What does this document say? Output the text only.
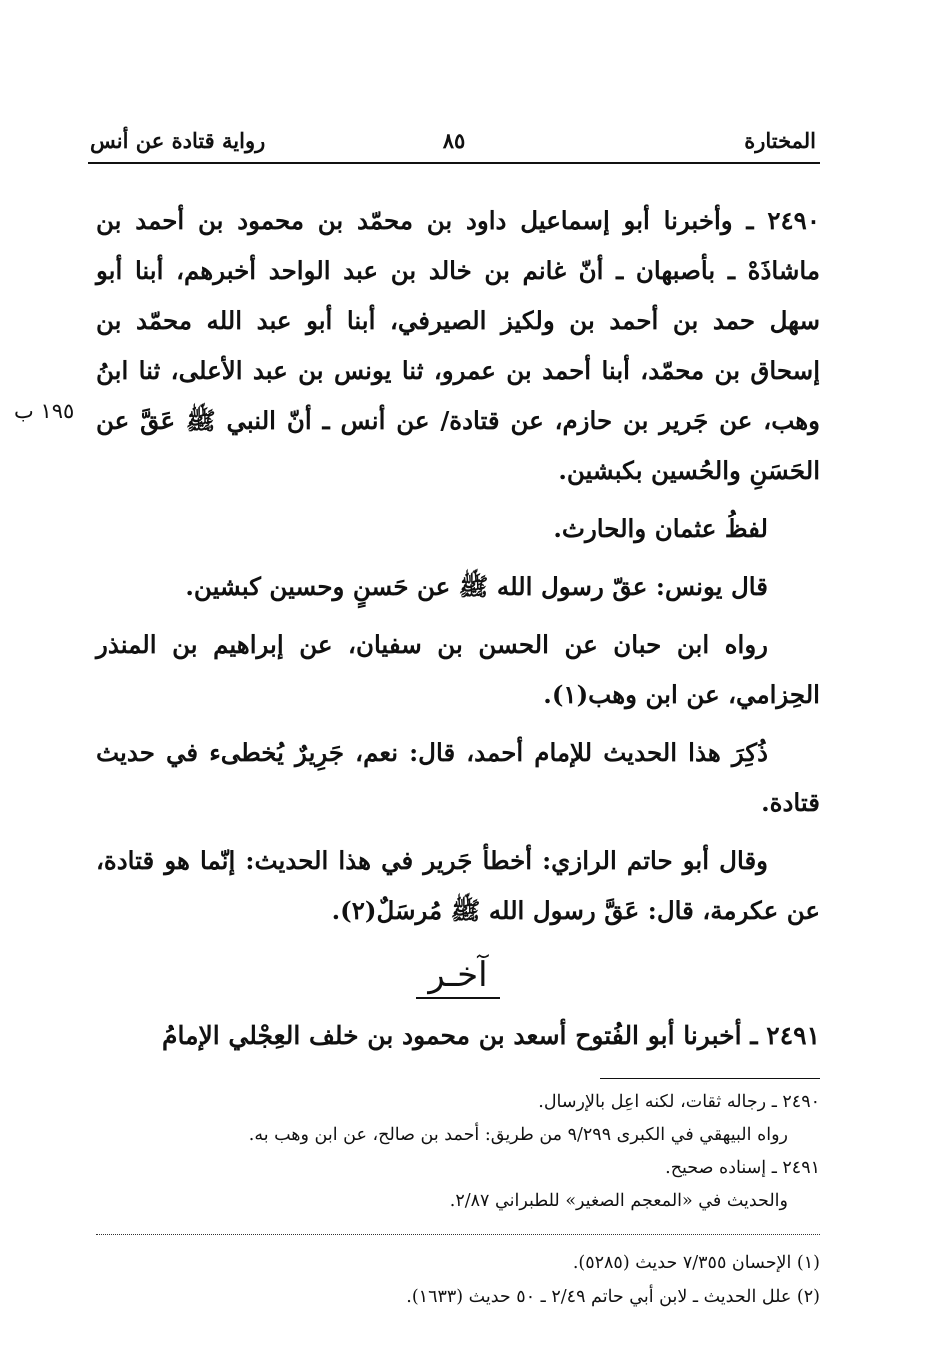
المختارة
٨٥
رواية قتادة عن أنس
١٩٥ ب

٢٤٩٠ ـ وأخبرنا أبو إسماعيل داود بن محمّد بن محمود بن أحمد بن ماشاذَهْ ـ بأصبهان ـ أنّ غانم بن خالد بن عبد الواحد أخبرهم، أبنا أبو سهل حمد بن أحمد بن ولكيز الصيرفي، أبنا أبو عبد الله محمّد بن إسحاق بن محمّد، أبنا أحمد بن عمرو، ثنا يونس بن عبد الأعلى، ثنا ابنُ وهب، عن جَرير بن حازم، عن قتادة/ عن أنس ـ أنّ النبي ﷺ عَقَّ عن الحَسَنِ والحُسين بكبشين.

لفظُ عثمان والحارث.

قال يونس: عقّ رسول الله ﷺ عن حَسنٍ وحسين كبشين.

رواه ابن حبان عن الحسن بن سفيان، عن إبراهيم بن المنذر الحِزامي، عن ابن وهب(١).

ذُكِرَ هذا الحديث للإمام أحمد، قال: نعم، جَرِيرٌ يُخطىء في حديث قتادة.

وقال أبو حاتم الرازي: أخطأ جَرير في هذا الحديث: إنّما هو قتادة، عن عكرمة، قال: عَقَّ رسول الله ﷺ مُرسَلٌ(٢).

آخـر

٢٤٩١ ـ أخبرنا أبو الفُتوح أسعد بن محمود بن خلف العِجْلي الإمامُ

٢٤٩٠ ـ رجاله ثقات، لكنه اعِل بالإرسال.

رواه البيهقي في الكبرى ٩/٢٩٩ من طريق: أحمد بن صالح، عن ابن وهب به.

٢٤٩١ ـ إسناده صحيح.

والحديث في «المعجم الصغير» للطبراني ٢/٨٧.

(١) الإحسان ٧/٣٥٥ حديث (٥٢٨٥).

(٢) علل الحديث ـ لابن أبي حاتم ٢/٤٩ ـ ٥٠ حديث (١٦٣٣).
